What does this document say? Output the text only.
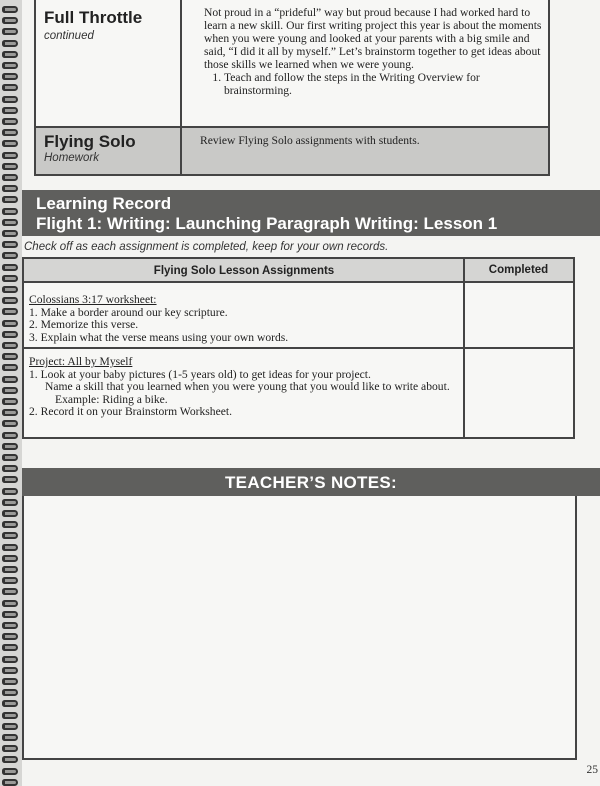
Full Throttle
continued

Not proud in a “prideful” way but proud because I had worked hard to learn a new skill. Our first writing project this year is about the moments when you were young and looked at your parents with a big smile and said, “I did it all by myself.” Let’s brainstorm together to get ideas about those skills we learned when we were young.

1. Teach and follow the steps in the Writing Overview for brainstorming.
Flying Solo
Homework
Review Flying Solo assignments with students.
Learning Record
Flight 1: Writing: Launching Paragraph Writing: Lesson 1
Check off as each assignment is completed, keep for your own records.
Flying Solo Lesson Assignments	Completed
Colossians 3:17 worksheet:
1. Make a border around our key scripture.
2. Memorize this verse.
3. Explain what the verse means using your own words.
Project: All by Myself
1. Look at your baby pictures (1-5 years old) to get ideas for your project.
Name a skill that you learned when you were young that you would like to write about.
Example: Riding a bike.
2. Record it on your Brainstorm Worksheet.
TEACHER’S NOTES:
25
